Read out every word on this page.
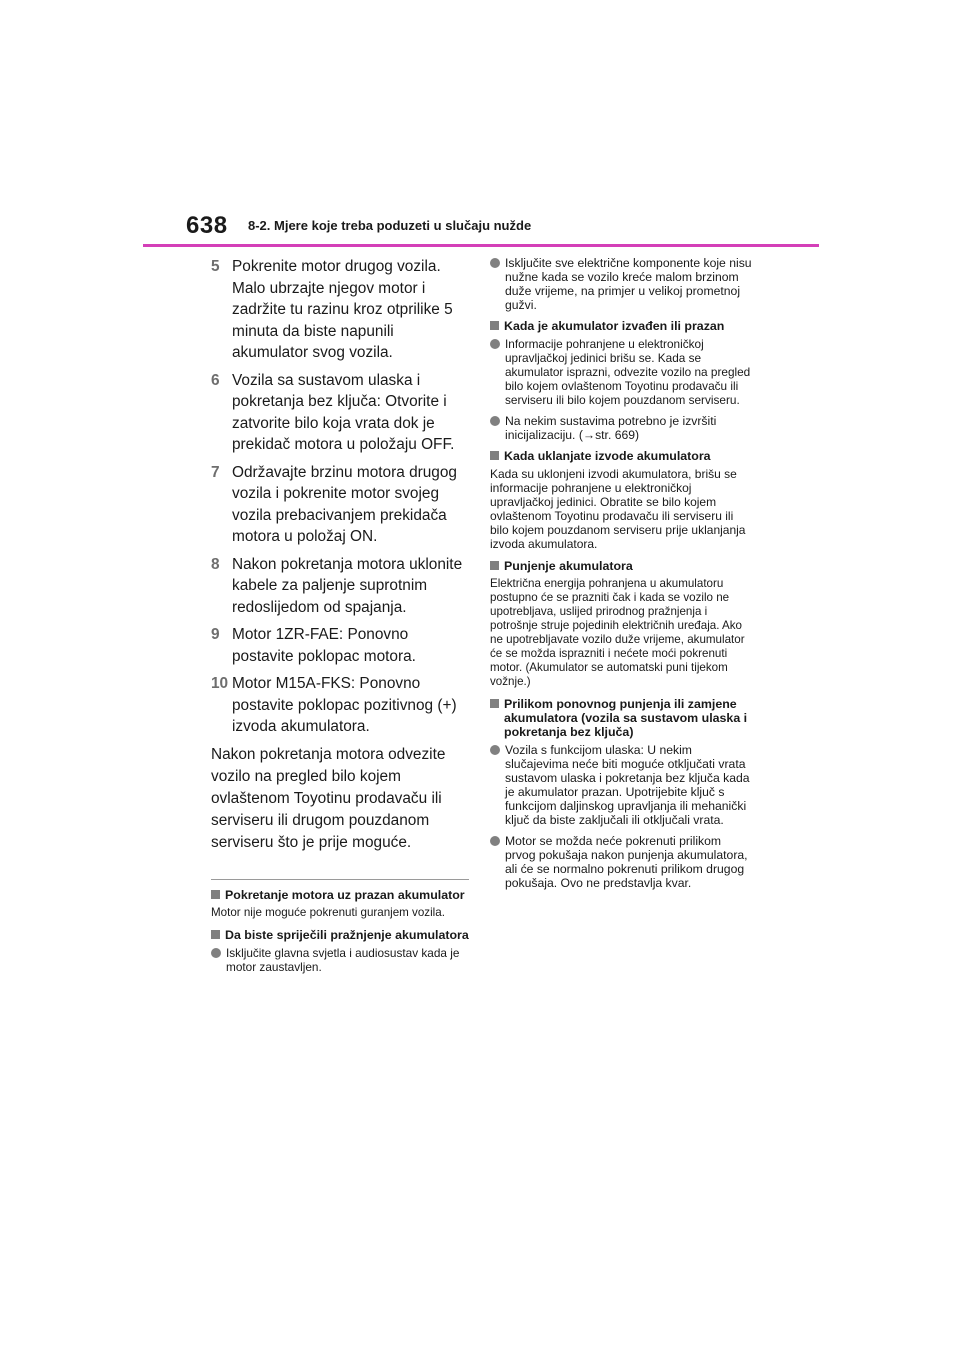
638 8-2. Mjere koje treba poduzeti u slučaju nužde
5 Pokrenite motor drugog vozila. Malo ubrzajte njegov motor i zadržite tu razinu kroz otprilike 5 minuta da biste napunili akumulator svog vozila.
6 Vozila sa sustavom ulaska i pokretanja bez ključa: Otvorite i zatvorite bilo koja vrata dok je prekidač motora u položaju OFF.
7 Održavajte brzinu motora drugog vozila i pokrenite motor svojeg vozila prebacivanjem prekidača motora u položaj ON.
8 Nakon pokretanja motora uklonite kabele za paljenje suprotnim redoslijedom od spajanja.
9 Motor 1ZR-FAE: Ponovno postavite poklopac motora.
10 Motor M15A-FKS: Ponovno postavite poklopac pozitivnog (+) izvoda akumulatora.
Nakon pokretanja motora odvezite vozilo na pregled bilo kojem ovlaštenom Toyotinu prodavaču ili serviseru ili drugom pouzdanom serviseru što je prije moguće.
Pokretanje motora uz prazan akumulator
Motor nije moguće pokrenuti guranjem vozila.
Da biste spriječili pražnjenje akumulatora
Isključite glavna svjetla i audiosustav kada je motor zaustavljen.
Isključite sve električne komponente koje nisu nužne kada se vozilo kreće malom brzinom duže vrijeme, na primjer u velikoj prometnoj gužvi.
Kada je akumulator izvađen ili prazan
Informacije pohranjene u elektroničkoj upravljačkoj jedinici brišu se. Kada se akumulator isprazni, odvezite vozilo na pregled bilo kojem ovlaštenom Toyotinu prodavaču ili serviseru ili bilo kojem pouzdanom serviseru.
Na nekim sustavima potrebno je izvršiti inicijalizaciju. (→str. 669)
Kada uklanjate izvode akumulatora
Kada su uklonjeni izvodi akumulatora, brišu se informacije pohranjene u elektroničkoj upravljačkoj jedinici. Obratite se bilo kojem ovlaštenom Toyotinu prodavaču ili serviseru ili bilo kojem pouzdanom serviseru prije uklanjanja izvoda akumulatora.
Punjenje akumulatora
Električna energija pohranjena u akumulatoru postupno će se prazniti čak i kada se vozilo ne upotrebljava, uslijed prirodnog pražnjenja i potrošnje struje pojedinih električnih uređaja. Ako ne upotrebljavate vozilo duže vrijeme, akumulator će se možda isprazniti i nećete moći pokrenuti motor. (Akumulator se automatski puni tijekom vožnje.)
Prilikom ponovnog punjenja ili zamjene akumulatora (vozila sa sustavom ulaska i pokretanja bez ključa)
Vozila s funkcijom ulaska: U nekim slučajevima neće biti moguće otključati vrata sustavom ulaska i pokretanja bez ključa kada je akumulator prazan. Upotrijebite ključ s funkcijom daljinskog upravljanja ili mehanički ključ da biste zaključali ili otključali vrata.
Motor se možda neće pokrenuti prilikom prvog pokušaja nakon punjenja akumulatora, ali će se normalno pokrenuti prilikom drugog pokušaja. Ovo ne predstavlja kvar.
